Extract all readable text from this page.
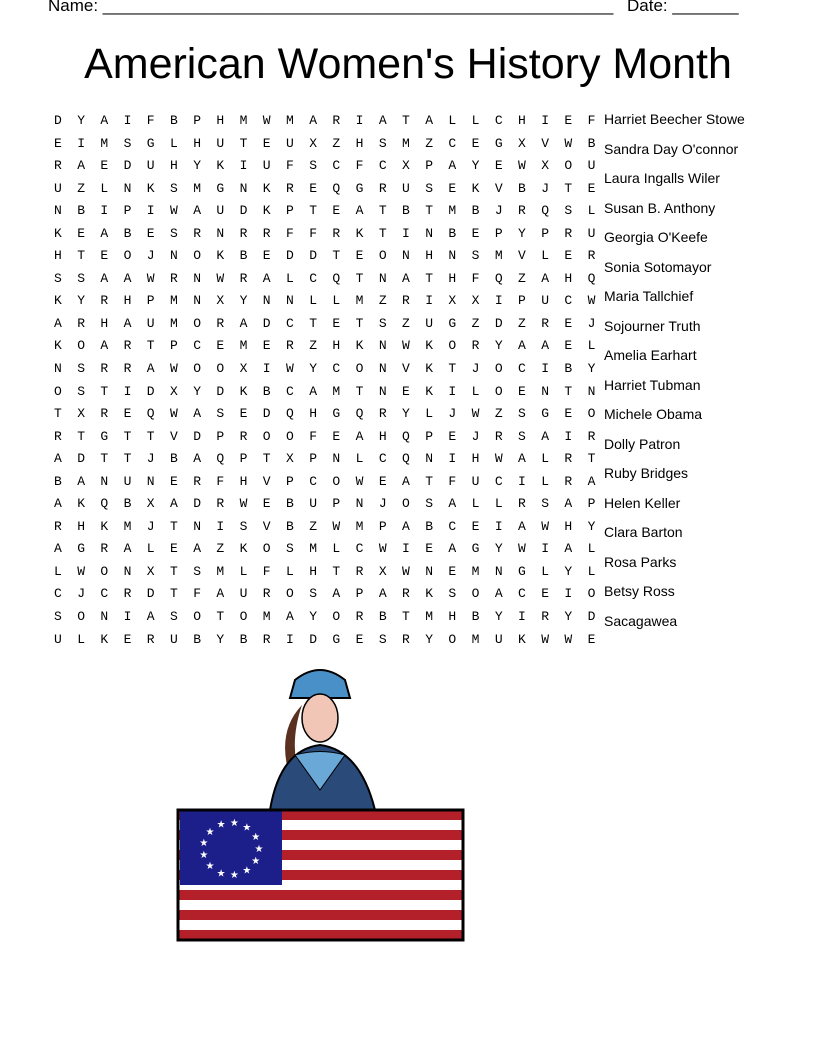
Name: ______________________________________________________ Date: _______
American Women's History Month
DYAIFBPHMWMARIATALLCHIEF
EIMSGLHUTEUXZHSMZCEGXVWB
RAEDUHYKIUFSCFCXPAYEWXOU
UZLNKSMGNKREQGRUSEKVBJTE
NBIPIWAUDKPTEATBTMBJRQSL
KEABESRNRRFFRKTINBEPYPRU
HTEOJNOKBEDDTEONHNSMVLER
SSAAWRNWRALCQTNATHFQZAHQ
KYRHPMNXYNNLLMZRIXXIPUCW
ARHAUMORADCTETSZUGZDZREJ
KOARTPCEMERZHKNWKORYAAEL
NSRRAWOOXIWYCONVKTJOCIBY
OSTIDXYDKBCAMTNEKILOENTN
TXREQWASEDQHGQRYLJWZSGEO
RTGTTVDPROOFEAHQPEJRSAIR
ADTTJBAQPTXPNLCQNIHWALRT
BANUNERFHVPCOWEATFUCILRA
AKQBXADRWEBUPNJOSALLRSAP
RHKMJTNISVBZWMPABCEIAWHY
AGRALEAZKOSMLCWIEAGYWIAL
LWONXTSMLFLHTRXWNEMNGLYL
CJCRDTFAUROSAPARKSOACEIO
SONIASOTOMAYORBTMHBYIRYD
ULKERUBYBRIDGESRYOMUKWWE
Harriet Beecher Stowe
Sandra Day O'connor
Laura Ingalls Wiler
Susan B. Anthony
Georgia O'Keefe
Sonia Sotomayor
Maria Tallchief
Sojourner Truth
Amelia Earhart
Harriet Tubman
Michele Obama
Dolly Patron
Ruby Bridges
Helen Keller
Clara Barton
Rosa Parks
Betsy Ross
Sacagawea
★
★
★
★
★
★
★
★
★
★ ★ ★
★
